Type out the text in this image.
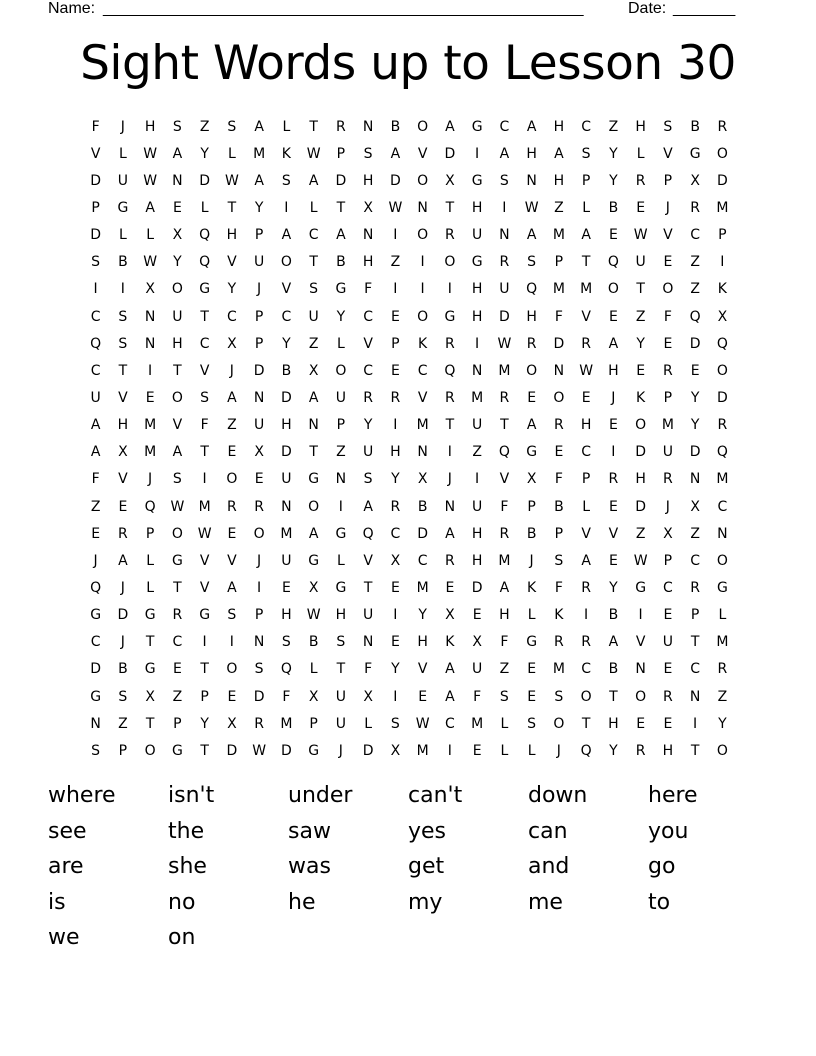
Name: ______________________________________________________	Date: _______
Sight Words up to Lesson 30
F	J	H	S	Z	S	A	L	T	R	N	B	O	A	G	C	A	H	C	Z	H	S	B	R
V	L	W	A	Y	L	M	K	W	P	S	A	V	D	I	A	H	A	S	Y	L	V	G	O
D	U	W	N	D	W	A	S	A	D	H	D	O	X	G	S	N	H	P	Y	R	P	X	D
P	G	A	E	L	T	Y	I	L	T	X	W	N	T	H	I	W	Z	L	B	E	J	R	M
D	L	L	X	Q	H	P	A	C	A	N	I	O	R	U	N	A	M	A	E	W	V	C	P
S	B	W	Y	Q	V	U	O	T	B	H	Z	I	O	G	R	S	P	T	Q	U	E	Z	I
I	I	X	O	G	Y	J	V	S	G	F	I	I	I	H	U	Q	M	M	O	T	O	Z	K
C	S	N	U	T	C	P	C	U	Y	C	E	O	G	H	D	H	F	V	E	Z	F	Q	X
Q	S	N	H	C	X	P	Y	Z	L	V	P	K	R	I	W	R	D	R	A	Y	E	D	Q
C	T	I	T	V	J	D	B	X	O	C	E	C	Q	N	M	O	N	W	H	E	R	E	O
U	V	E	O	S	A	N	D	A	U	R	R	V	R	M	R	E	O	E	J	K	P	Y	D
A	H	M	V	F	Z	U	H	N	P	Y	I	M	T	U	T	A	R	H	E	O	M	Y	R
A	X	M	A	T	E	X	D	T	Z	U	H	N	I	Z	Q	G	E	C	I	D	U	D	Q
F	V	J	S	I	O	E	U	G	N	S	Y	X	J	I	V	X	F	P	R	H	R	N	M
Z	E	Q	W	M	R	R	N	O	I	A	R	B	N	U	F	P	B	L	E	D	J	X	C
E	R	P	O	W	E	O	M	A	G	Q	C	D	A	H	R	B	P	V	V	Z	X	Z	N
J	A	L	G	V	V	J	U	G	L	V	X	C	R	H	M	J	S	A	E	W	P	C	O
Q	J	L	T	V	A	I	E	X	G	T	E	M	E	D	A	K	F	R	Y	G	C	R	G
G	D	G	R	G	S	P	H	W	H	U	I	Y	X	E	H	L	K	I	B	I	E	P	L
C	J	T	C	I	I	N	S	B	S	N	E	H	K	X	F	G	R	R	A	V	U	T	M
D	B	G	E	T	O	S	Q	L	T	F	Y	V	A	U	Z	E	M	C	B	N	E	C	R
G	S	X	Z	P	E	D	F	X	U	X	I	E	A	F	S	E	S	O	T	O	R	N	Z
N	Z	T	P	Y	X	R	M	P	U	L	S	W	C	M	L	S	O	T	H	E	E	I	Y
S	P	O	G	T	D	W	D	G	J	D	X	M	I	E	L	L	J	Q	Y	R	H	T	O
where	isn't	under	can't	down	here
see	the	saw	yes	can	you
are	she	was	get	and	go
is	no	he	my	me	to
we	on
